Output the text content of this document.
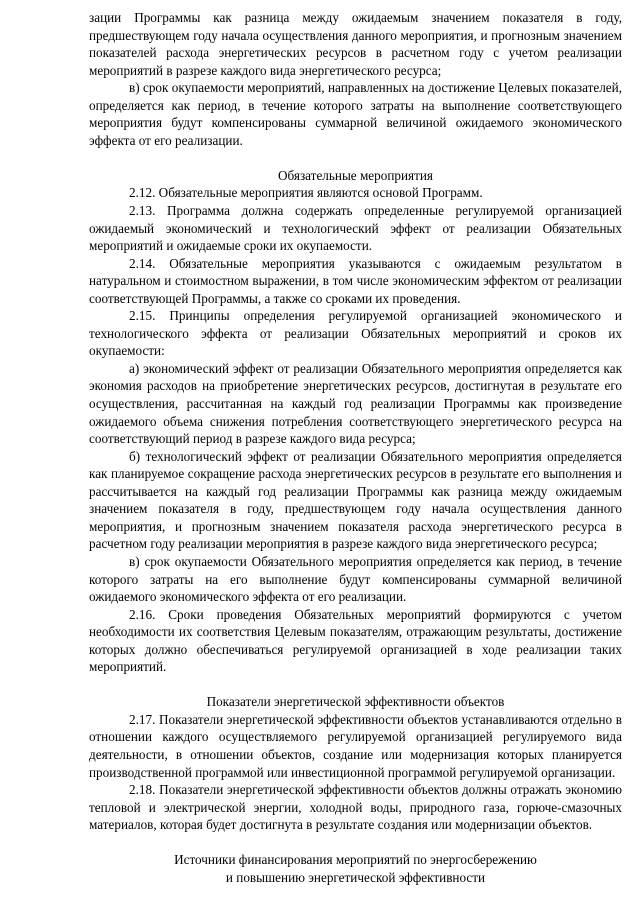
зации Программы как разница между ожидаемым значением показателя в году, предшествующем году начала осуществления данного мероприятия, и прогнозным значением показателей расхода энергетических ресурсов в расчетном году с учетом реализации мероприятий в разрезе каждого вида энергетического ресурса;

в) срок окупаемости мероприятий, направленных на достижение Целевых показателей, определяется как период, в течение которого затраты на выполнение соответствующего мероприятия будут компенсированы суммарной величиной ожидаемого экономического эффекта от его реализации.

Обязательные мероприятия

2.12. Обязательные мероприятия являются основой Программ.

2.13. Программа должна содержать определенные регулируемой организацией ожидаемый экономический и технологический эффект от реализации Обязательных мероприятий и ожидаемые сроки их окупаемости.

2.14. Обязательные мероприятия указываются с ожидаемым результатом в натуральном и стоимостном выражении, в том числе экономическим эффектом от реализации соответствующей Программы, а также со сроками их проведения.

2.15. Принципы определения регулируемой организацией экономического и технологического эффекта от реализации Обязательных мероприятий и сроков их окупаемости:

а) экономический эффект от реализации Обязательного мероприятия определяется как экономия расходов на приобретение энергетических ресурсов, достигнутая в результате его осуществления, рассчитанная на каждый год реализации Программы как произведение ожидаемого объема снижения потребления соответствующего энергетического ресурса на соответствующий период в разрезе каждого вида ресурса;

б) технологический эффект от реализации Обязательного мероприятия определяется как планируемое сокращение расхода энергетических ресурсов в результате его выполнения и рассчитывается на каждый год реализации Программы как разница между ожидаемым значением показателя в году, предшествующем году начала осуществления данного мероприятия, и прогнозным значением показателя расхода энергетического ресурса в расчетном году реализации мероприятия в разрезе каждого вида энергетического ресурса;

в) срок окупаемости Обязательного мероприятия определяется как период, в течение которого затраты на его выполнение будут компенсированы суммарной величиной ожидаемого экономического эффекта от его реализации.

2.16. Сроки проведения Обязательных мероприятий формируются с учетом необходимости их соответствия Целевым показателям, отражающим результаты, достижение которых должно обеспечиваться регулируемой организацией в ходе реализации таких мероприятий.

Показатели энергетической эффективности объектов

2.17. Показатели энергетической эффективности объектов устанавливаются отдельно в отношении каждого осуществляемого регулируемой организацией регулируемого вида деятельности, в отношении объектов, создание или модернизация которых планируется производственной программой или инвестиционной программой регулируемой организации.

2.18. Показатели энергетической эффективности объектов должны отражать экономию тепловой и электрической энергии, холодной воды, природного газа, горюче-смазочных материалов, которая будет достигнута в результате создания или модернизации объектов.

Источники финансирования мероприятий по энергосбережению

и повышению энергетической эффективности
